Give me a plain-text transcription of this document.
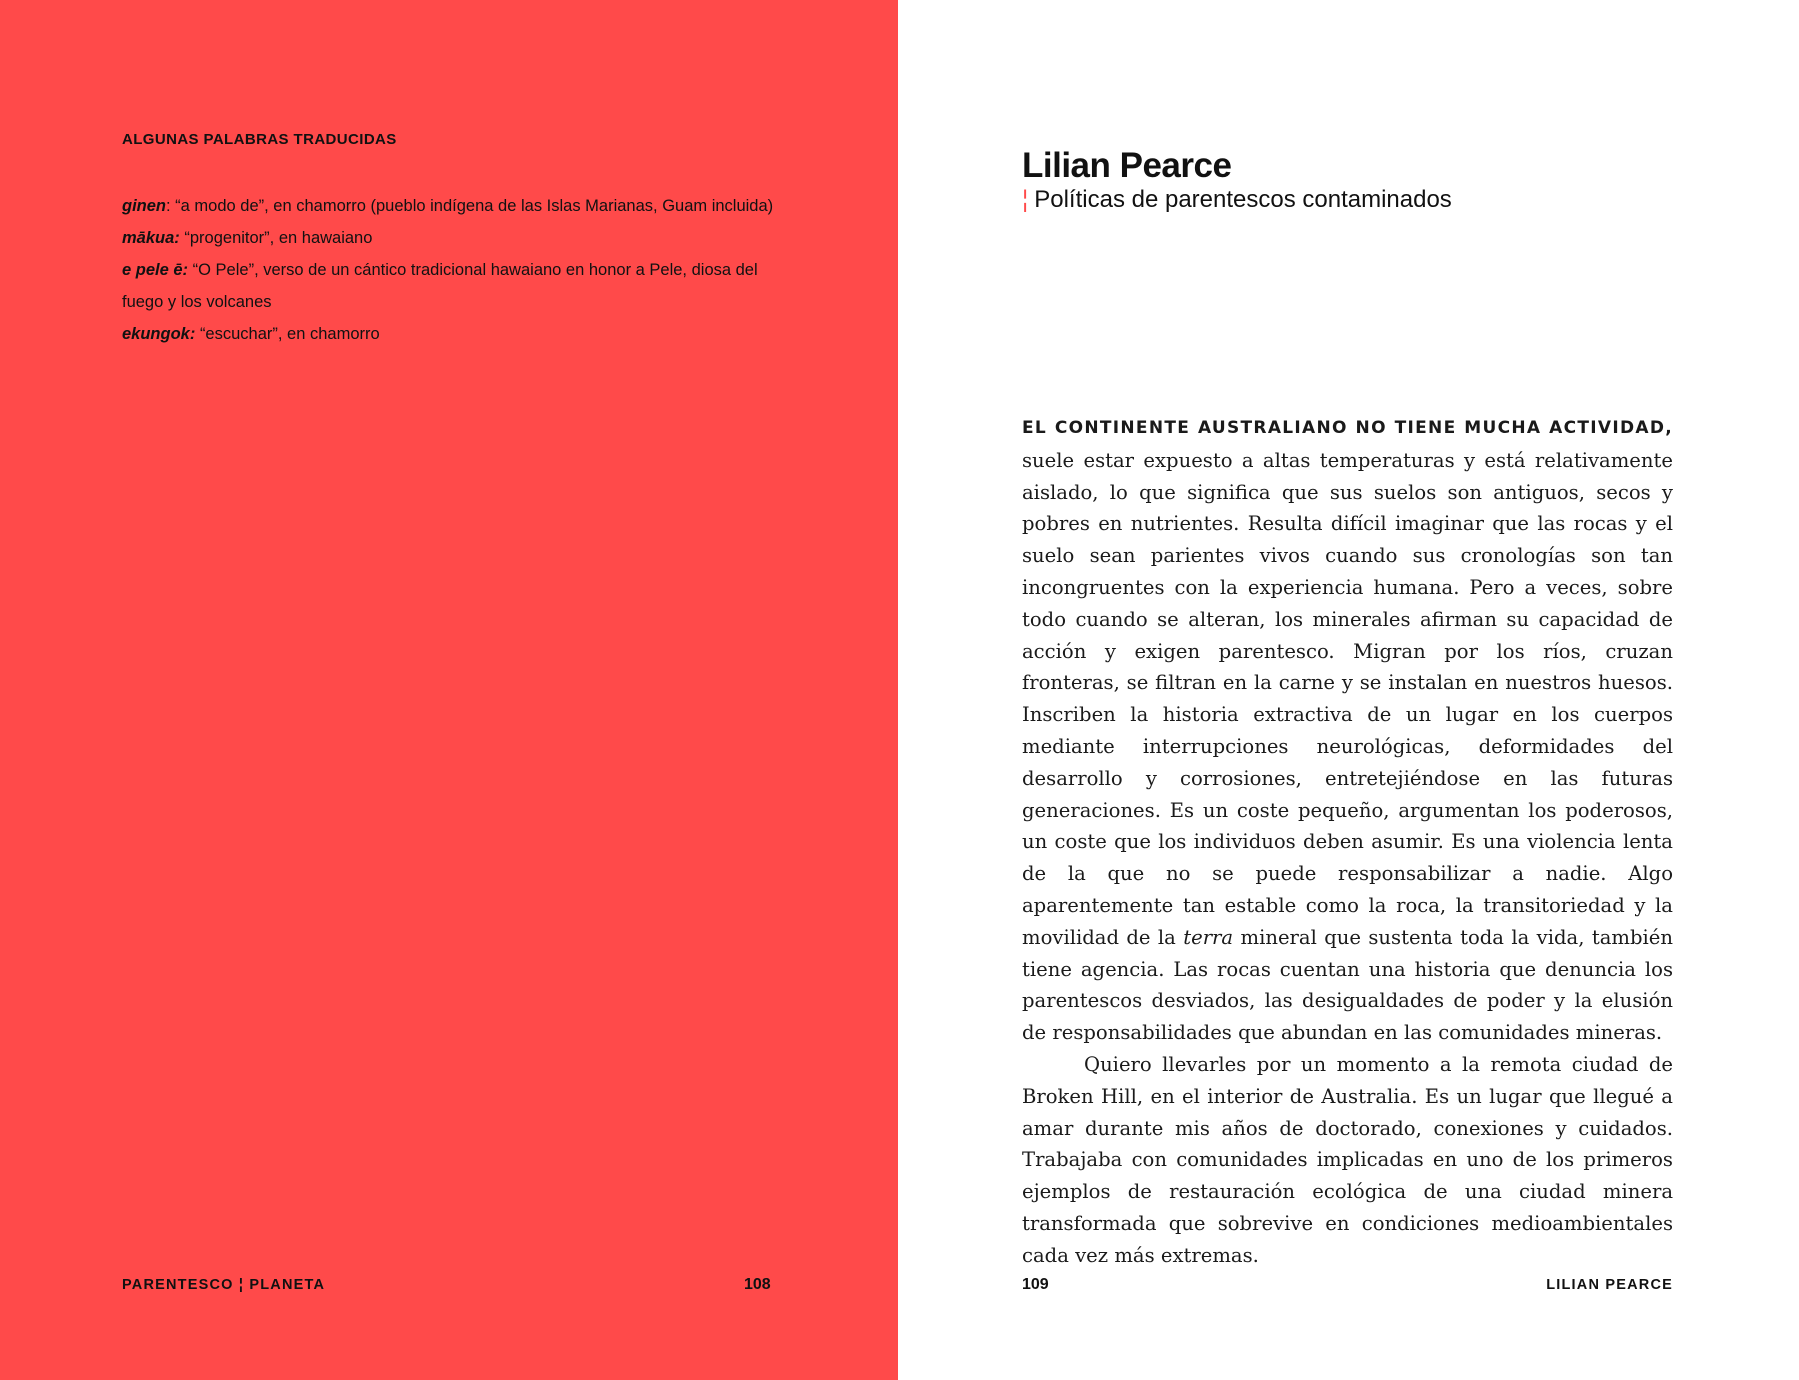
ALGUNAS PALABRAS TRADUCIDAS
ginen: “a modo de”, en chamorro (pueblo indígena de las Islas Marianas, Guam incluida)
mākua: “progenitor”, en hawaiano
e pele ē: “O Pele”, verso de un cántico tradicional hawaiano en honor a Pele, diosa del fuego y los volcanes
ekungok: “escuchar”, en chamorro
PARENTESCO ¦ PLANETA	108
Lilian Pearce
¦ Políticas de parentescos contaminados

EL CONTINENTE AUSTRALIANO NO TIENE MUCHA ACTIVIDAD, suele estar expuesto a altas temperaturas y está relativamente aislado, lo que significa que sus suelos son antiguos, secos y pobres en nutrientes. Resulta difícil imaginar que las rocas y el suelo sean parientes vivos cuando sus cronologías son tan incongruentes con la experiencia humana. Pero a veces, sobre todo cuando se alteran, los minerales afirman su capacidad de acción y exigen parentesco. Migran por los ríos, cruzan fronteras, se filtran en la carne y se instalan en nuestros huesos. Inscriben la historia extractiva de un lugar en los cuerpos mediante interrupciones neurológicas, deformidades del desarrollo y corrosiones, entretejiéndose en las futuras generaciones. Es un coste pequeño, argumentan los poderosos, un coste que los individuos deben asumir. Es una violencia lenta de la que no se puede responsabilizar a nadie. Algo aparentemente tan estable como la roca, la transitoriedad y la movilidad de la terra mineral que sustenta toda la vida, también tiene agencia. Las rocas cuentan una historia que denuncia los parentescos desviados, las desigualdades de poder y la elusión de responsabilidades que abundan en las comunidades mineras.

Quiero llevarles por un momento a la remota ciudad de Broken Hill, en el interior de Australia. Es un lugar que llegué a amar durante mis años de doctorado, conexiones y cuidados. Trabajaba con comunidades implicadas en uno de los primeros ejemplos de restauración ecológica de una ciudad minera transformada que sobrevive en condiciones medioambientales cada vez más extremas.

109	LILIAN PEARCE
